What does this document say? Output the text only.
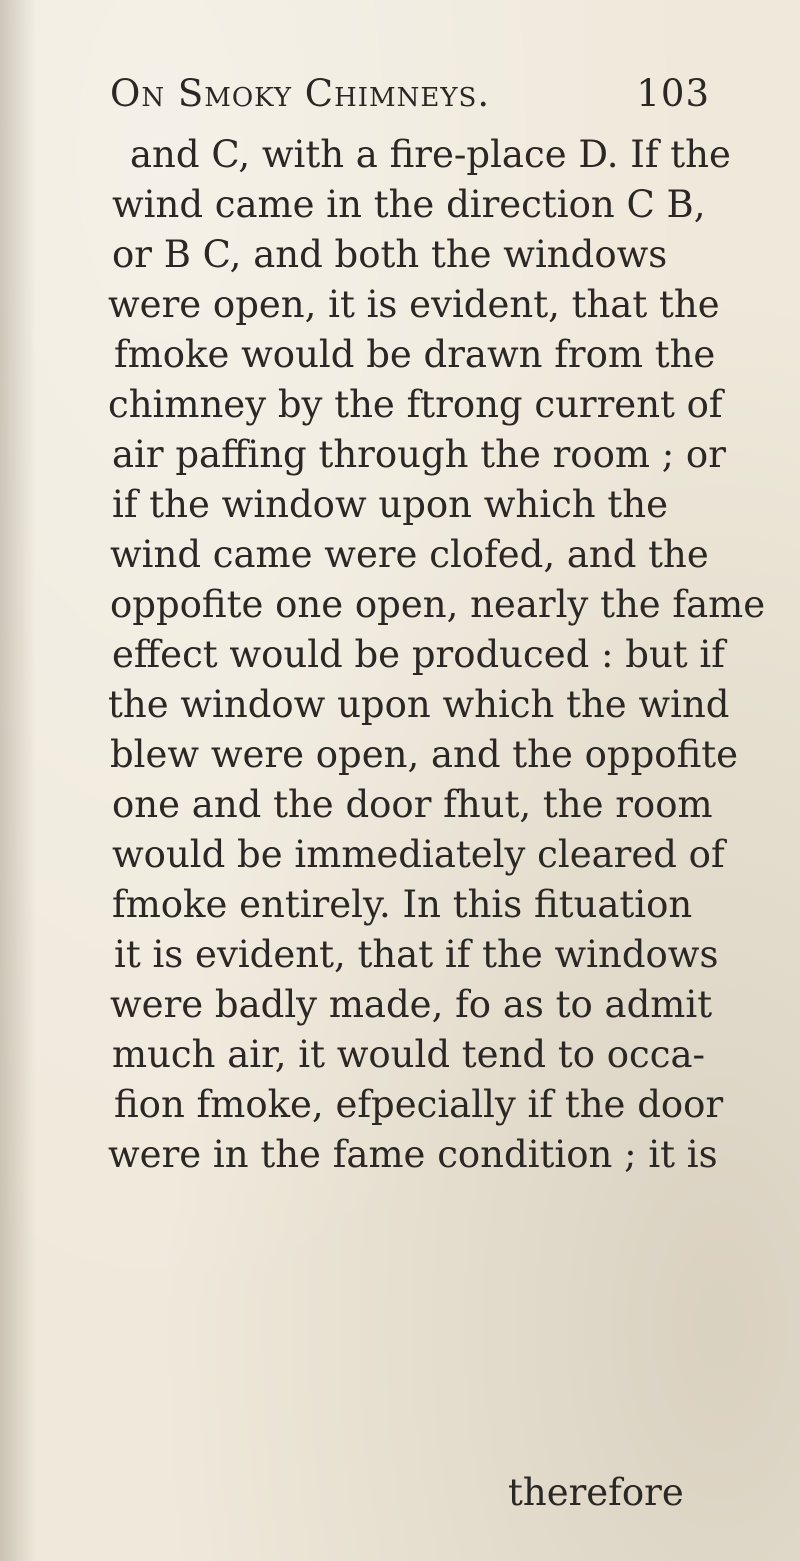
On Smoky Chimneys.	103
and C, with a fire-place D. If the
wind came in the direction C B,
or B C, and both the windows
were open, it is evident, that the
fmoke would be drawn from the
chimney by the ftrong current of
air paffing through the room ; or
if the window upon which the
wind came were clofed, and the
oppofite one open, nearly the fame
effect would be produced : but if
the window upon which the wind
blew were open, and the oppofite
one and the door fhut, the room
would be immediately cleared of
fmoke entirely. In this fituation
it is evident, that if the windows
were badly made, fo as to admit
much air, it would tend to occa-
fion fmoke, efpecially if the door
were in the fame condition ; it is
therefore
